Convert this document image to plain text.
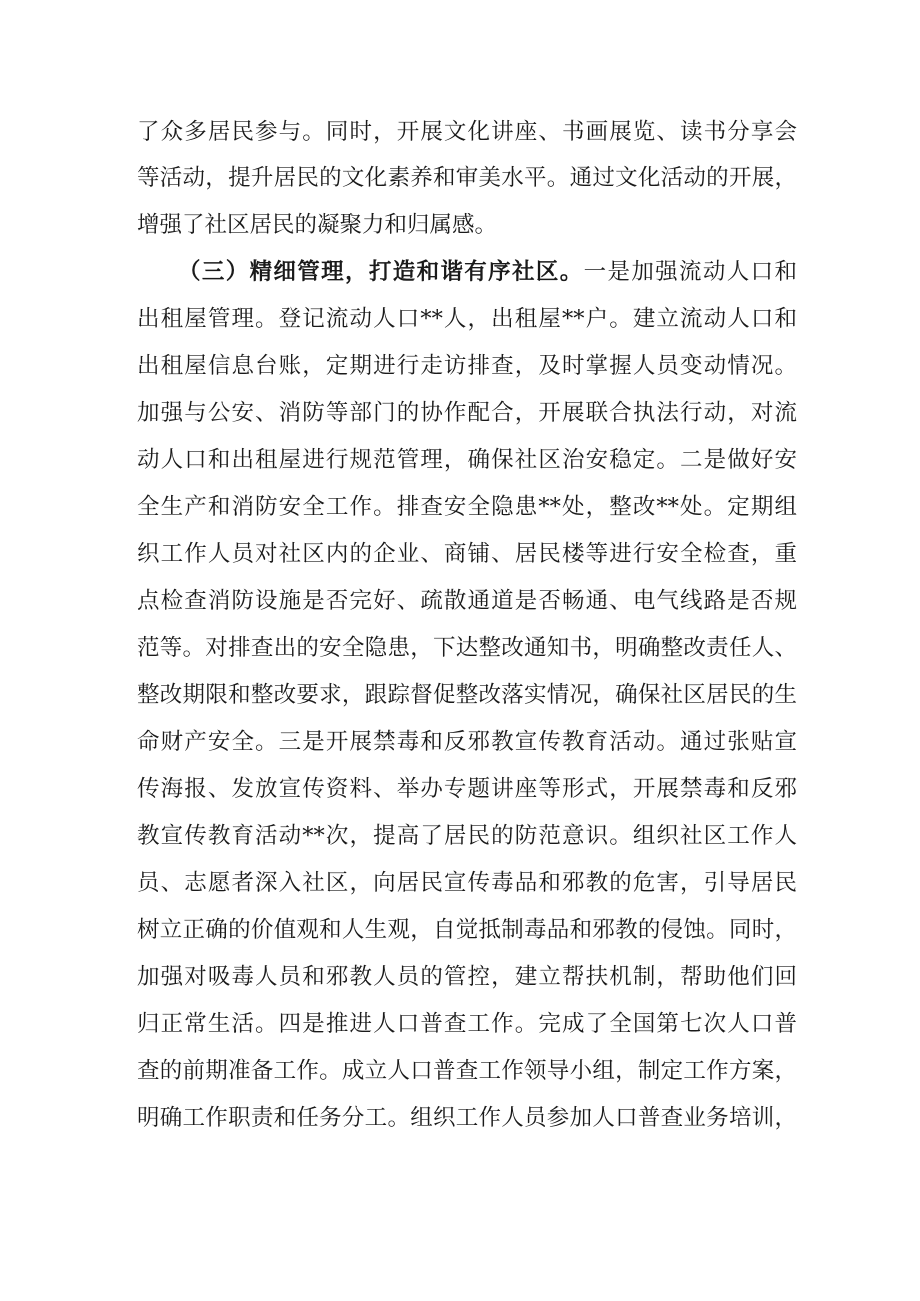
了众多居民参与。同时，开展文化讲座、书画展览、读书分享会
等活动，提升居民的文化素养和审美水平。通过文化活动的开展，
增强了社区居民的凝聚力和归属感。
（三）精细管理，打造和谐有序社区。一是加强流动人口和
出租屋管理。登记流动人口**人，出租屋**户。建立流动人口和
出租屋信息台账，定期进行走访排查，及时掌握人员变动情况。
加强与公安、消防等部门的协作配合，开展联合执法行动，对流
动人口和出租屋进行规范管理，确保社区治安稳定。二是做好安
全生产和消防安全工作。排查安全隐患**处，整改**处。定期组
织工作人员对社区内的企业、商铺、居民楼等进行安全检查，重
点检查消防设施是否完好、疏散通道是否畅通、电气线路是否规
范等。对排查出的安全隐患，下达整改通知书，明确整改责任人、
整改期限和整改要求，跟踪督促整改落实情况，确保社区居民的生
命财产安全。三是开展禁毒和反邪教宣传教育活动。通过张贴宣
传海报、发放宣传资料、举办专题讲座等形式，开展禁毒和反邪
教宣传教育活动**次，提高了居民的防范意识。组织社区工作人
员、志愿者深入社区，向居民宣传毒品和邪教的危害，引导居民
树立正确的价值观和人生观，自觉抵制毒品和邪教的侵蚀。同时，
加强对吸毒人员和邪教人员的管控，建立帮扶机制，帮助他们回
归正常生活。四是推进人口普查工作。完成了全国第七次人口普
查的前期准备工作。成立人口普查工作领导小组，制定工作方案，
明确工作职责和任务分工。组织工作人员参加人口普查业务培训，
